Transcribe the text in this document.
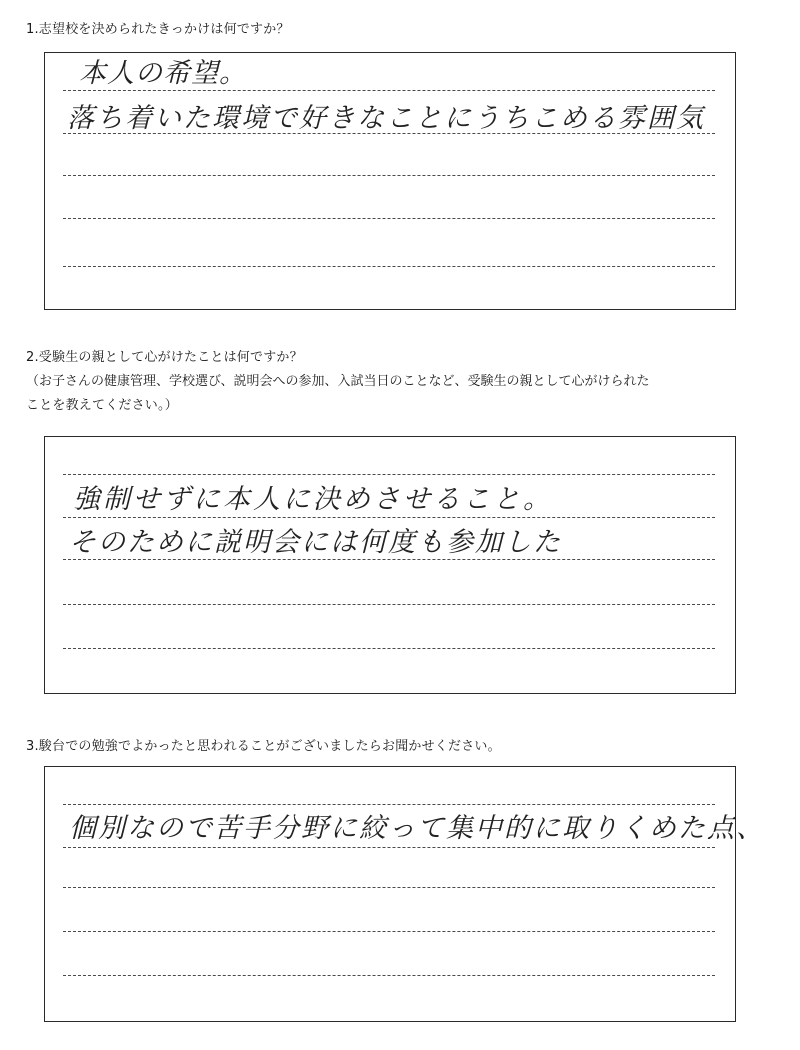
1.志望校を決められたきっかけは何ですか？
本人の希望。
落ち着いた環境で好きなことにうちこめる雰囲気
2.受験生の親として心がけたことは何ですか？
（お子さんの健康管理、学校選び、説明会への参加、入試当日のことなど、受験生の親として心がけられた
ことを教えてください。）
強制せずに本人に決めさせること。
そのために説明会には何度も参加した
3.駿台での勉強でよかったと思われることがございましたらお聞かせください。
個別なので苦手分野に絞って集中的に取りくめた点、
